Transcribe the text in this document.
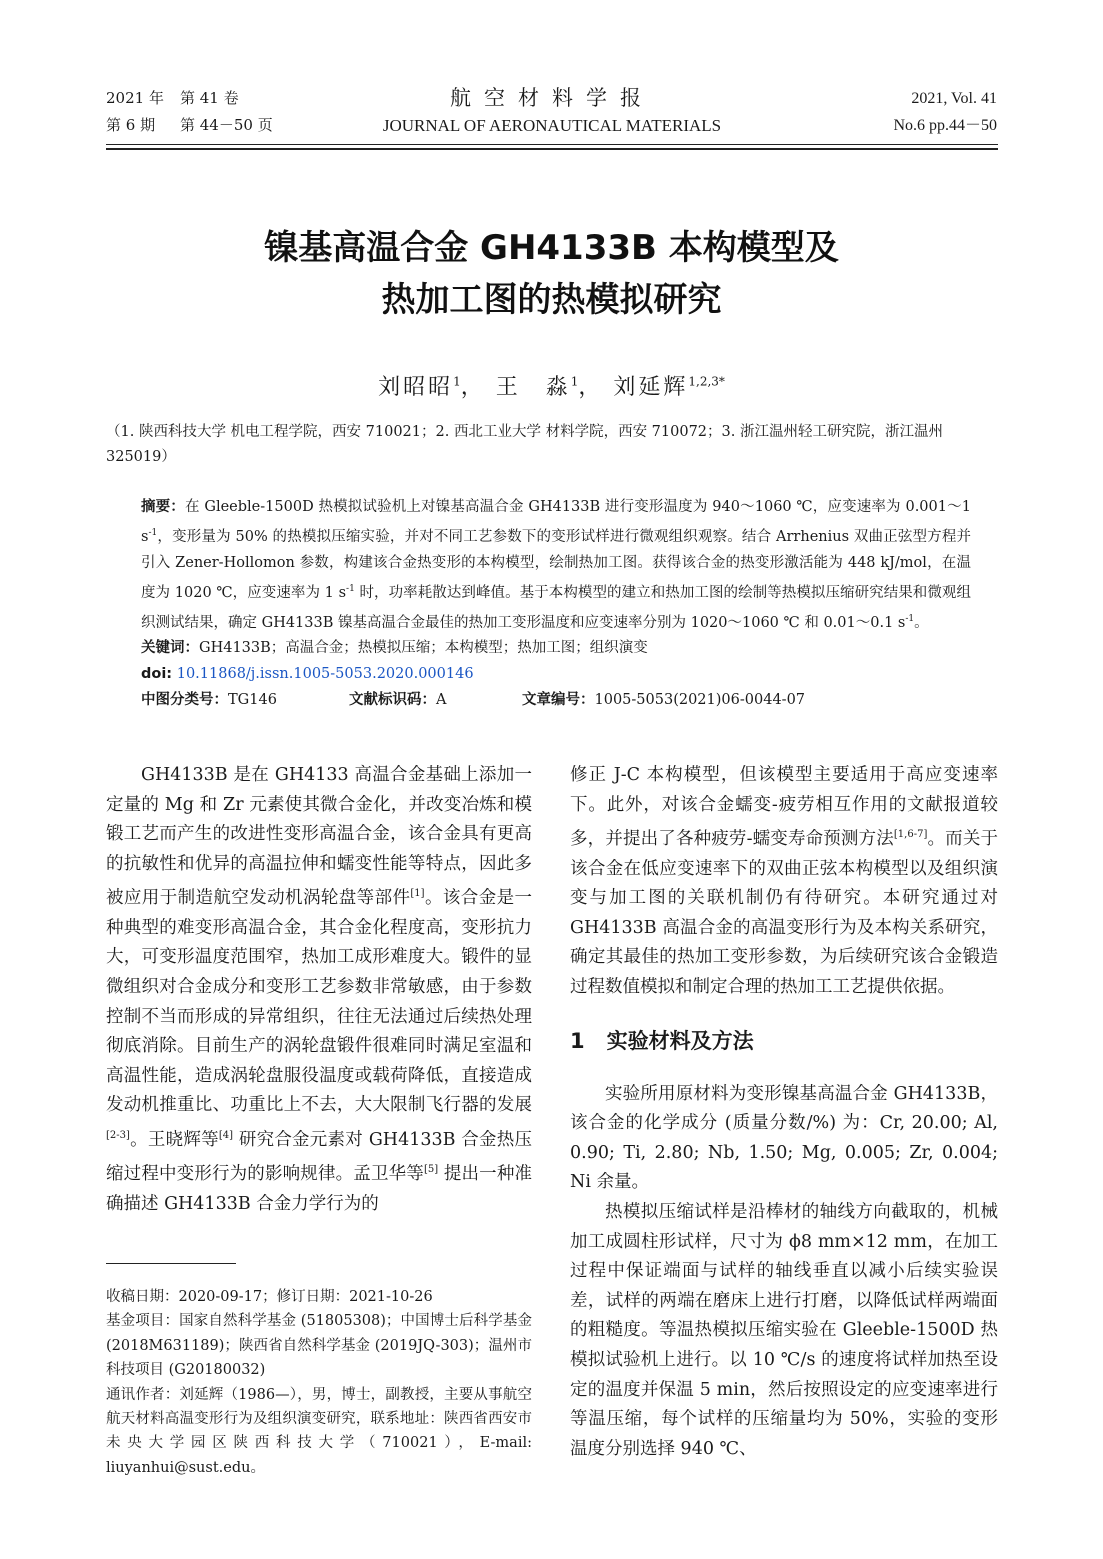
2021 年 第 41 卷
第 6 期 第 44－50 页
航空材料学报
JOURNAL OF AERONAUTICAL MATERIALS
2021, Vol. 41
No.6 pp.44－50
镍基高温合金 GH4133B 本构模型及
热加工图的热模拟研究
刘昭昭$^1$， 王　淼$^1$， 刘延辉$^{1,2,3*}$
（1. 陕西科技大学 机电工程学院，西安 710021；2. 西北工业大学 材料学院，西安 710072；3. 浙江温州轻工研究院，浙江温州 325019）
摘要：在 Gleeble-1500D 热模拟试验机上对镍基高温合金 GH4133B 进行变形温度为 940～1060 ℃，应变速率为 0.001～1 $s^{-1}$，变形量为 50% 的热模拟压缩实验，并对不同工艺参数下的变形试样进行微观组织观察。结合 Arrhenius 双曲正弦型方程并引入 Zener-Hollomon 参数，构建该合金热变形的本构模型，绘制热加工图。获得该合金的热变形激活能为 448 kJ/mol，在温度为 1020 ℃，应变速率为 1 $s^{-1}$ 时，功率耗散达到峰值。基于本构模型的建立和热加工图的绘制等热模拟压缩研究结果和微观组织测试结果，确定 GH4133B 镍基高温合金最佳的热加工变形温度和应变速率分别为 1020～1060 ℃ 和 0.01～0.1 $s^{-1}$。
关键词：GH4133B；高温合金；热模拟压缩；本构模型；热加工图；组织演变
doi: 10.11868/j.issn.1005-5053.2020.000146
中图分类号：TG146	文献标识码：A	文章编号：1005-5053(2021)06-0044-07

GH4133B 是在 GH4133 高温合金基础上添加一定量的 Mg 和 Zr 元素使其微合金化，并改变冶炼和模锻工艺而产生的改进性变形高温合金，该合金具有更高的抗敏性和优异的高温拉伸和蠕变性能等特点，因此多被应用于制造航空发动机涡轮盘等部件[1]。该合金是一种典型的难变形高温合金，其合金化程度高，变形抗力大，可变形温度范围窄，热加工成形难度大。锻件的显微组织对合金成分和变形工艺参数非常敏感，由于参数控制不当而形成的异常组织，往往无法通过后续热处理彻底消除。目前生产的涡轮盘锻件很难同时满足室温和高温性能，造成涡轮盘服役温度或载荷降低，直接造成发动机推重比、功重比上不去，大大限制飞行器的发展[2-3]。王晓辉等[4] 研究合金元素对 GH4133B 合金热压缩过程中变形行为的影响规律。孟卫华等[5] 提出一种准确描述 GH4133B 合金力学行为的

收稿日期：2020-09-17；修订日期：2021-10-26

基金项目：国家自然科学基金 (51805308)；中国博士后科学基金 (2018M631189)；陕西省自然科学基金 (2019JQ-303)；温州市科技项目 (G20180032)

通讯作者：刘延辉（1986—），男，博士，副教授，主要从事航空航天材料高温变形行为及组织演变研究，联系地址：陕西省西安市未央大学园区陕西科技大学（710021），E-mail: liuyanhui@sust.edu。

修正 J-C 本构模型，但该模型主要适用于高应变速率下。此外，对该合金蠕变-疲劳相互作用的文献报道较多，并提出了各种疲劳-蠕变寿命预测方法[1,6-7]。而关于该合金在低应变速率下的双曲正弦本构模型以及组织演变与加工图的关联机制仍有待研究。本研究通过对 GH4133B 高温合金的高温变形行为及本构关系研究，确定其最佳的热加工变形参数，为后续研究该合金锻造过程数值模拟和制定合理的热加工工艺提供依据。

1 实验材料及方法

实验所用原材料为变形镍基高温合金 GH4133B，该合金的化学成分 (质量分数/%) 为：Cr, 20.00; Al, 0.90; Ti, 2.80; Nb, 1.50; Mg, 0.005; Zr, 0.004; Ni 余量。

热模拟压缩试样是沿棒材的轴线方向截取的，机械加工成圆柱形试样，尺寸为 ϕ8 mm×12 mm，在加工过程中保证端面与试样的轴线垂直以减小后续实验误差，试样的两端在磨床上进行打磨，以降低试样两端面的粗糙度。等温热模拟压缩实验在 Gleeble-1500D 热模拟试验机上进行。以 10 ℃/s 的速度将试样加热至设定的温度并保温 5 min，然后按照设定的应变速率进行等温压缩，每个试样的压缩量均为 50%，实验的变形温度分别选择 940 ℃、
